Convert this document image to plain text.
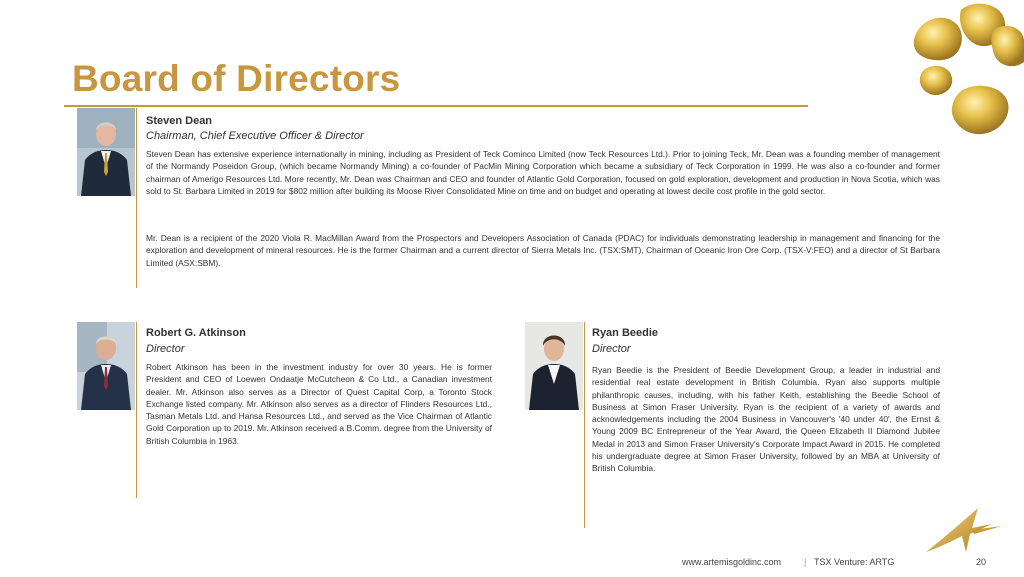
Board of Directors
Steven Dean
Chairman, Chief Executive Officer & Director
Steven Dean has extensive experience internationally in mining, including as President of Teck Cominco Limited (now Teck Resources Ltd.). Prior to joining Teck, Mr. Dean was a founding member of management of the Normandy Poseidon Group, (which became Normandy Mining) a co-founder of PacMin Mining Corporation which became a subsidiary of Teck Corporation in 1999. He was also a co-founder and former chairman of Amerigo Resources Ltd. More recently, Mr. Dean was Chairman and CEO and founder of Atlantic Gold Corporation, focused on gold exploration, development and production in Nova Scotia, which was sold to St. Barbara Limited in 2019 for $802 million after building its Moose River Consolidated Mine on time and on budget and operating at lowest decile cost profile in the gold sector.
Mr. Dean is a recipient of the 2020 Viola R. MacMillan Award from the Prospectors and Developers Association of Canada (PDAC) for individuals demonstrating leadership in management and financing for the exploration and development of mineral resources. He is the former Chairman and a current director of Sierra Metals Inc. (TSX:SMT), Chairman of Oceanic Iron Ore Corp. (TSX-V:FEO) and a director of St Barbara Limited (ASX:SBM).
Robert G. Atkinson
Director
Robert Atkinson has been in the investment industry for over 30 years. He is former President and CEO of Loewen Ondaatje McCutcheon & Co Ltd., a Canadian investment dealer. Mr. Atkinson also serves as a Director of Quest Capital Corp, a Toronto Stock Exchange listed company. Mr. Atkinson also serves as a director of Flinders Resources Ltd., Tasman Metals Ltd. and Hansa Resources Ltd., and served as the Vice Chairman of Atlantic Gold Corporation up to 2019. Mr. Atkinson received a B.Comm. degree from the University of British Columbia in 1963.
Ryan Beedie
Director
Ryan Beedie is the President of Beedie Development Group, a leader in industrial and residential real estate development in British Columbia. Ryan also supports multiple philanthropic causes, including, with his father Keith, establishing the Beedie School of Business at Simon Fraser University. Ryan is the recipient of a variety of awards and acknowledgements including the 2004 Business in Vancouver's '40 under 40', the Ernst & Young 2009 BC Entrepreneur of the Year Award, the Queen Elizabeth II Diamond Jubilee Medal in 2013 and Simon Fraser University's Corporate Impact Award in 2015. He completed his undergraduate degree at Simon Fraser University, followed by an MBA at University of British Columbia.
www.artemisgoldinc.com	| TSX Venture: ARTG	20
